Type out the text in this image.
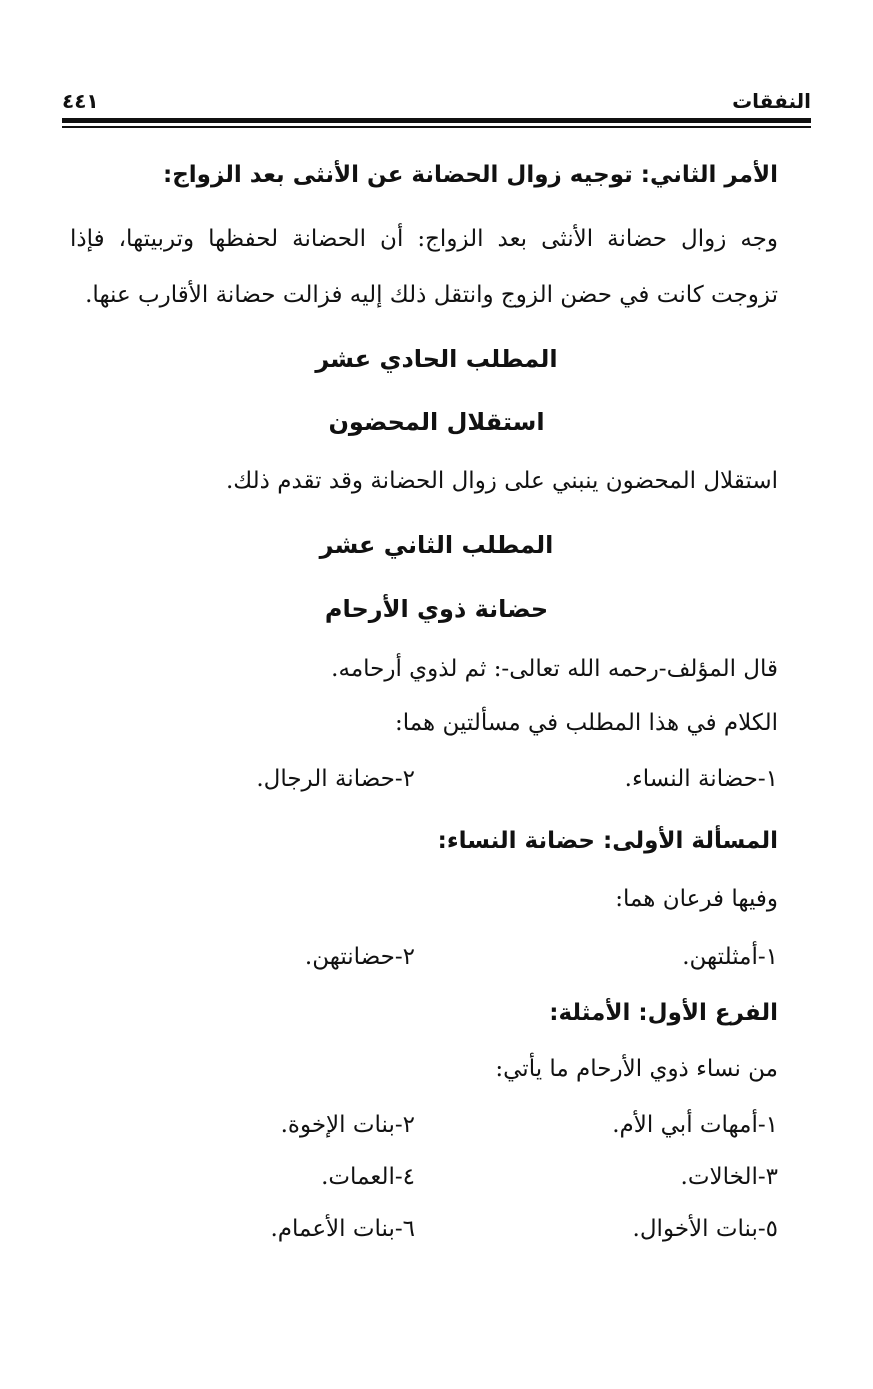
النفقات
٤٤١
الأمر الثاني: توجيه زوال الحضانة عن الأنثى بعد الزواج:
وجه زوال حضانة الأنثى بعد الزواج: أن الحضانة لحفظها وتربيتها، فإذا
تزوجت كانت في حضن الزوج وانتقل ذلك إليه فزالت حضانة الأقارب عنها.
المطلب الحادي عشر
استقلال المحضون
استقلال المحضون ينبني على زوال الحضانة وقد تقدم ذلك.
المطلب الثاني عشر
حضانة ذوي الأرحام
قال المؤلف-رحمه الله تعالى-: ثم لذوي أرحامه.
الكلام في هذا المطلب في مسألتين هما:
١-حضانة النساء.
٢-حضانة الرجال.
المسألة الأولى: حضانة النساء:
وفيها فرعان هما:
١-أمثلتهن.
٢-حضانتهن.
الفرع الأول: الأمثلة:
من نساء ذوي الأرحام ما يأتي:
١-أمهات أبي الأم.
٢-بنات الإخوة.
٣-الخالات.
٤-العمات.
٥-بنات الأخوال.
٦-بنات الأعمام.
